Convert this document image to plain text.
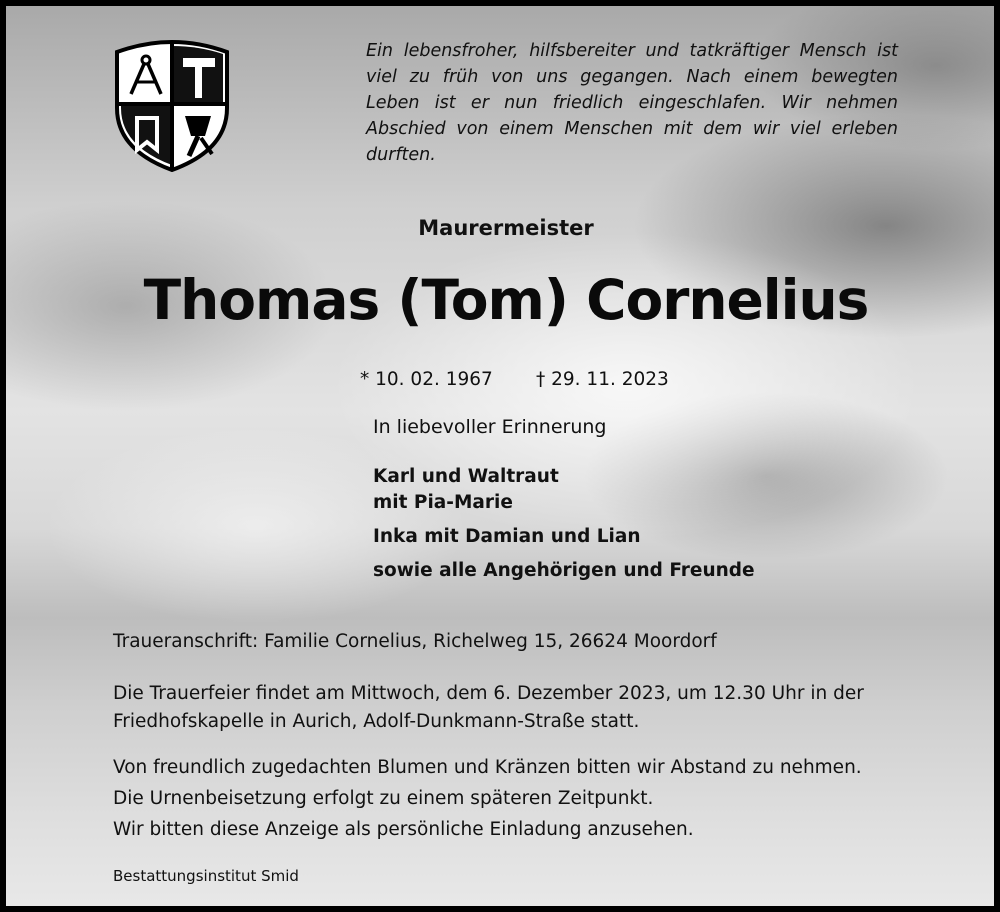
Ein lebensfroher, hilfsbereiter und tatkräftiger Mensch ist viel zu früh von uns gegangen. Nach einem bewegten Leben ist er nun friedlich eingeschlafen. Wir nehmen Abschied von einem Menschen mit dem wir viel erleben durften.
Maurermeister
Thomas (Tom) Cornelius
* 10. 02. 1967 † 29. 11. 2023
In liebevoller Erinnerung
Karl und Waltraut
mit Pia-Marie
Inka mit Damian und Lian
sowie alle Angehörigen und Freunde
Traueranschrift: Familie Cornelius, Richelweg 15, 26624 Moordorf
Die Trauerfeier findet am Mittwoch, dem 6. Dezember 2023, um 12.30 Uhr in der Friedhofskapelle in Aurich, Adolf-Dunkmann-Straße statt.
Von freundlich zugedachten Blumen und Kränzen bitten wir Abstand zu nehmen.
Die Urnenbeisetzung erfolgt zu einem späteren Zeitpunkt.
Wir bitten diese Anzeige als persönliche Einladung anzusehen.
Bestattungsinstitut Smid
